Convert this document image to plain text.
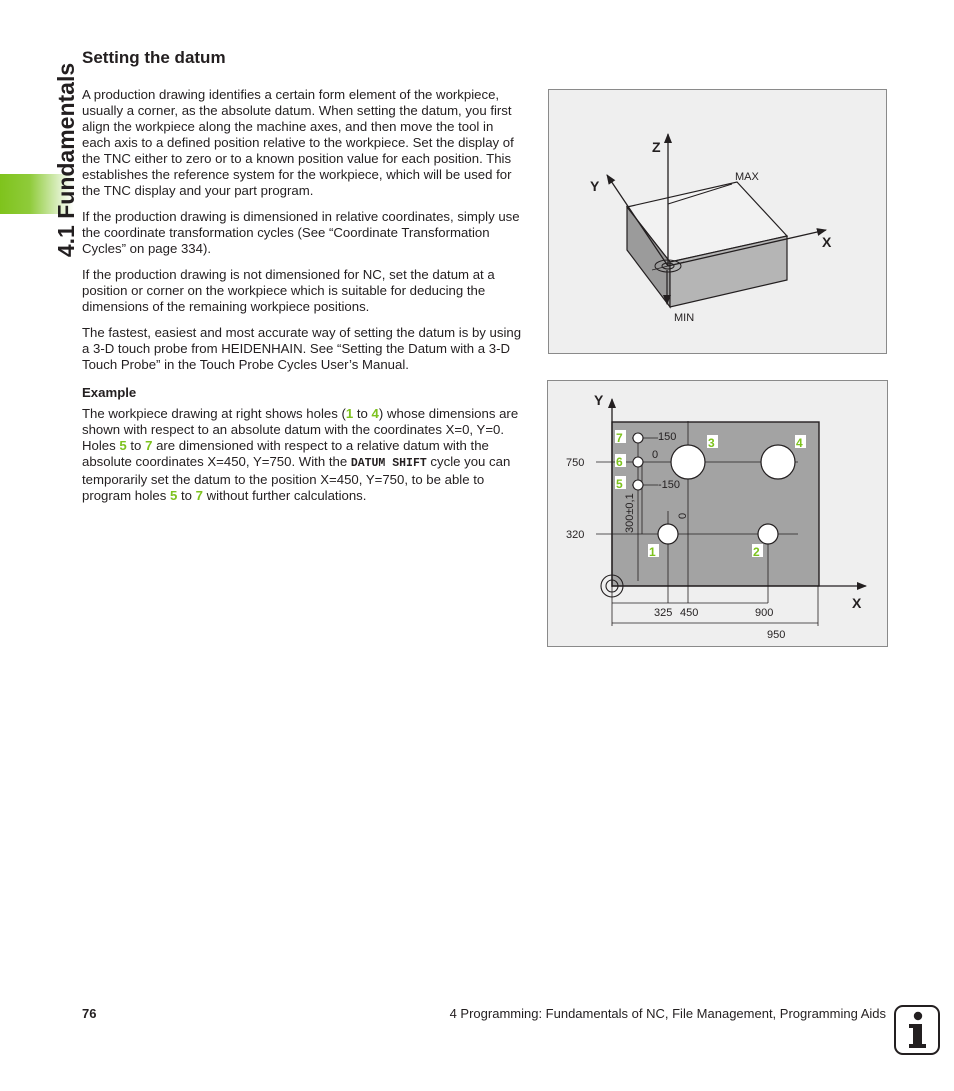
4.1 Fundamentals
Setting the datum

A production drawing identifies a certain form element of the workpiece, usually a corner, as the absolute datum. When setting the datum, you first align the workpiece along the machine axes, and then move the tool in each axis to a defined position relative to the workpiece. Set the display of the TNC either to zero or to a known position value for each position. This establishes the reference system for the workpiece, which will be used for the TNC display and your part program.

If the production drawing is dimensioned in relative coordinates, simply use the coordinate transformation cycles (See “Coordinate Transformation Cycles” on page 334).

If the production drawing is not dimensioned for NC, set the datum at a position or corner on the workpiece which is suitable for deducing the dimensions of the remaining workpiece positions.

The fastest, easiest and most accurate way of setting the datum is by using a 3-D touch probe from HEIDENHAIN. See “Setting the Datum with a 3-D Touch Probe” in the Touch Probe Cycles User’s Manual.

Example

The workpiece drawing at right shows holes (1 to 4) whose dimensions are shown with respect to an absolute datum with the coordinates X=0, Y=0. Holes 5 to 7 are dimensioned with respect to a relative datum with the absolute coordinates X=450, Y=750. With the DATUM SHIFT cycle you can temporarily set the datum to the position X=450, Y=750, to be able to program holes 5 to 7 without further calculations.

Z
Y
X
MAX
MIN
1	2
3	4
5
6
7
Y
X
150
0
-150
750
320
300±0,1	0
325 450	900
950
76	4 Programming: Fundamentals of NC, File Management, Programming Aids
